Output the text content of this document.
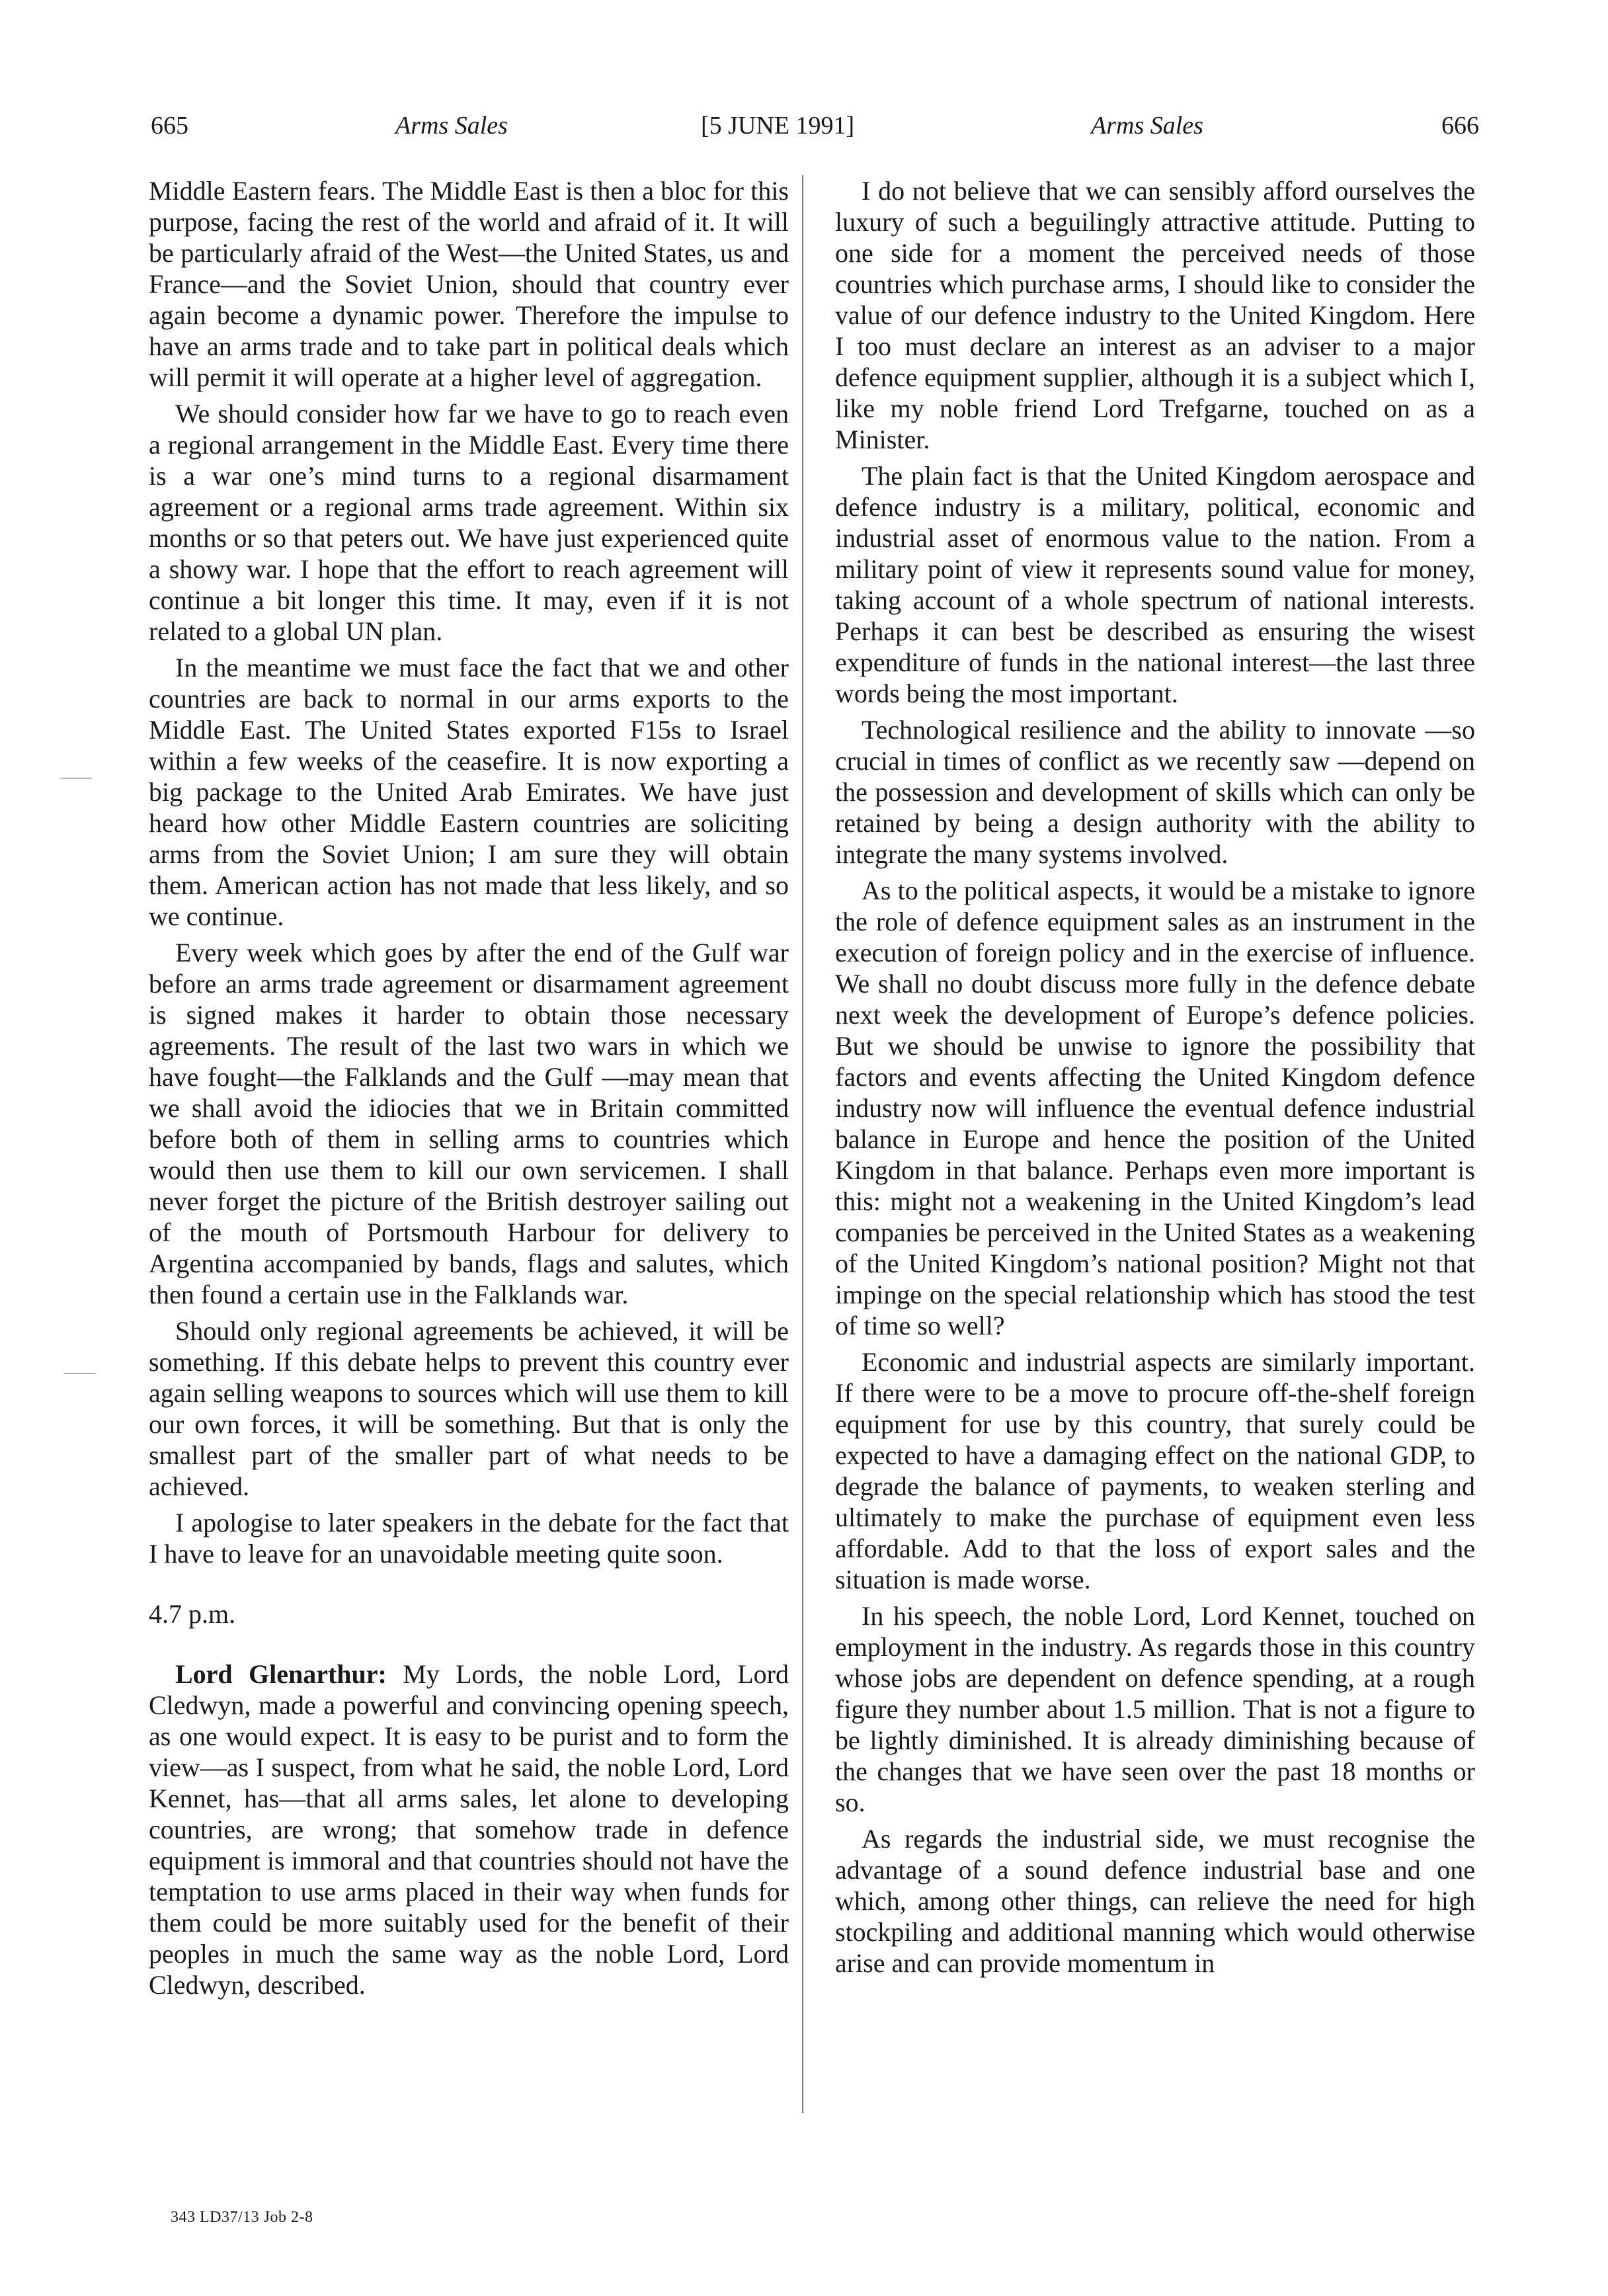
665	Arms Sales	[5 JUNE 1991]	Arms Sales	666

Middle Eastern fears. The Middle East is then a bloc for this purpose, facing the rest of the world and afraid of it. It will be particularly afraid of the West—the United States, us and France—and the Soviet Union, should that country ever again become a dynamic power. Therefore the impulse to have an arms trade and to take part in political deals which will permit it will operate at a higher level of aggregation.

We should consider how far we have to go to reach even a regional arrangement in the Middle East. Every time there is a war one’s mind turns to a regional disarmament agreement or a regional arms trade agreement. Within six months or so that peters out. We have just experienced quite a showy war. I hope that the effort to reach agreement will continue a bit longer this time. It may, even if it is not related to a global UN plan.

In the meantime we must face the fact that we and other countries are back to normal in our arms exports to the Middle East. The United States exported F15s to Israel within a few weeks of the ceasefire. It is now exporting a big package to the United Arab Emirates. We have just heard how other Middle Eastern countries are soliciting arms from the Soviet Union; I am sure they will obtain them. American action has not made that less likely, and so we continue.

Every week which goes by after the end of the Gulf war before an arms trade agreement or disarmament agreement is signed makes it harder to obtain those necessary agreements. The result of the last two wars in which we have fought—the Falklands and the Gulf —may mean that we shall avoid the idiocies that we in Britain committed before both of them in selling arms to countries which would then use them to kill our own servicemen. I shall never forget the picture of the British destroyer sailing out of the mouth of Portsmouth Harbour for delivery to Argentina accompanied by bands, flags and salutes, which then found a certain use in the Falklands war.

Should only regional agreements be achieved, it will be something. If this debate helps to prevent this country ever again selling weapons to sources which will use them to kill our own forces, it will be something. But that is only the smallest part of the smaller part of what needs to be achieved.

I apologise to later speakers in the debate for the fact that I have to leave for an unavoidable meeting quite soon.

4.7 p.m.

Lord Glenarthur: My Lords, the noble Lord, Lord Cledwyn, made a powerful and convincing opening speech, as one would expect. It is easy to be purist and to form the view—as I suspect, from what he said, the noble Lord, Lord Kennet, has—that all arms sales, let alone to developing countries, are wrong; that somehow trade in defence equipment is immoral and that countries should not have the temptation to use arms placed in their way when funds for them could be more suitably used for the benefit of their peoples in much the same way as the noble Lord, Lord Cledwyn, described.

I do not believe that we can sensibly afford ourselves the luxury of such a beguilingly attractive attitude. Putting to one side for a moment the perceived needs of those countries which purchase arms, I should like to consider the value of our defence industry to the United Kingdom. Here I too must declare an interest as an adviser to a major defence equipment supplier, although it is a subject which I, like my noble friend Lord Trefgarne, touched on as a Minister.

The plain fact is that the United Kingdom aerospace and defence industry is a military, political, economic and industrial asset of enormous value to the nation. From a military point of view it represents sound value for money, taking account of a whole spectrum of national interests. Perhaps it can best be described as ensuring the wisest expenditure of funds in the national interest—the last three words being the most important.

Technological resilience and the ability to innovate —so crucial in times of conflict as we recently saw —depend on the possession and development of skills which can only be retained by being a design authority with the ability to integrate the many systems involved.

As to the political aspects, it would be a mistake to ignore the role of defence equipment sales as an instrument in the execution of foreign policy and in the exercise of influence. We shall no doubt discuss more fully in the defence debate next week the development of Europe’s defence policies. But we should be unwise to ignore the possibility that factors and events affecting the United Kingdom defence industry now will influence the eventual defence industrial balance in Europe and hence the position of the United Kingdom in that balance. Perhaps even more important is this: might not a weakening in the United Kingdom’s lead companies be perceived in the United States as a weakening of the United Kingdom’s national position? Might not that impinge on the special relationship which has stood the test of time so well?

Economic and industrial aspects are similarly important. If there were to be a move to procure off-the-shelf foreign equipment for use by this country, that surely could be expected to have a damaging effect on the national GDP, to degrade the balance of payments, to weaken sterling and ultimately to make the purchase of equipment even less affordable. Add to that the loss of export sales and the situation is made worse.

In his speech, the noble Lord, Lord Kennet, touched on employment in the industry. As regards those in this country whose jobs are dependent on defence spending, at a rough figure they number about 1.5 million. That is not a figure to be lightly diminished. It is already diminishing because of the changes that we have seen over the past 18 months or so.

As regards the industrial side, we must recognise the advantage of a sound defence industrial base and one which, among other things, can relieve the need for high stockpiling and additional manning which would otherwise arise and can provide momentum in

343 LD37/13 Job 2-8
⸺
⸺
